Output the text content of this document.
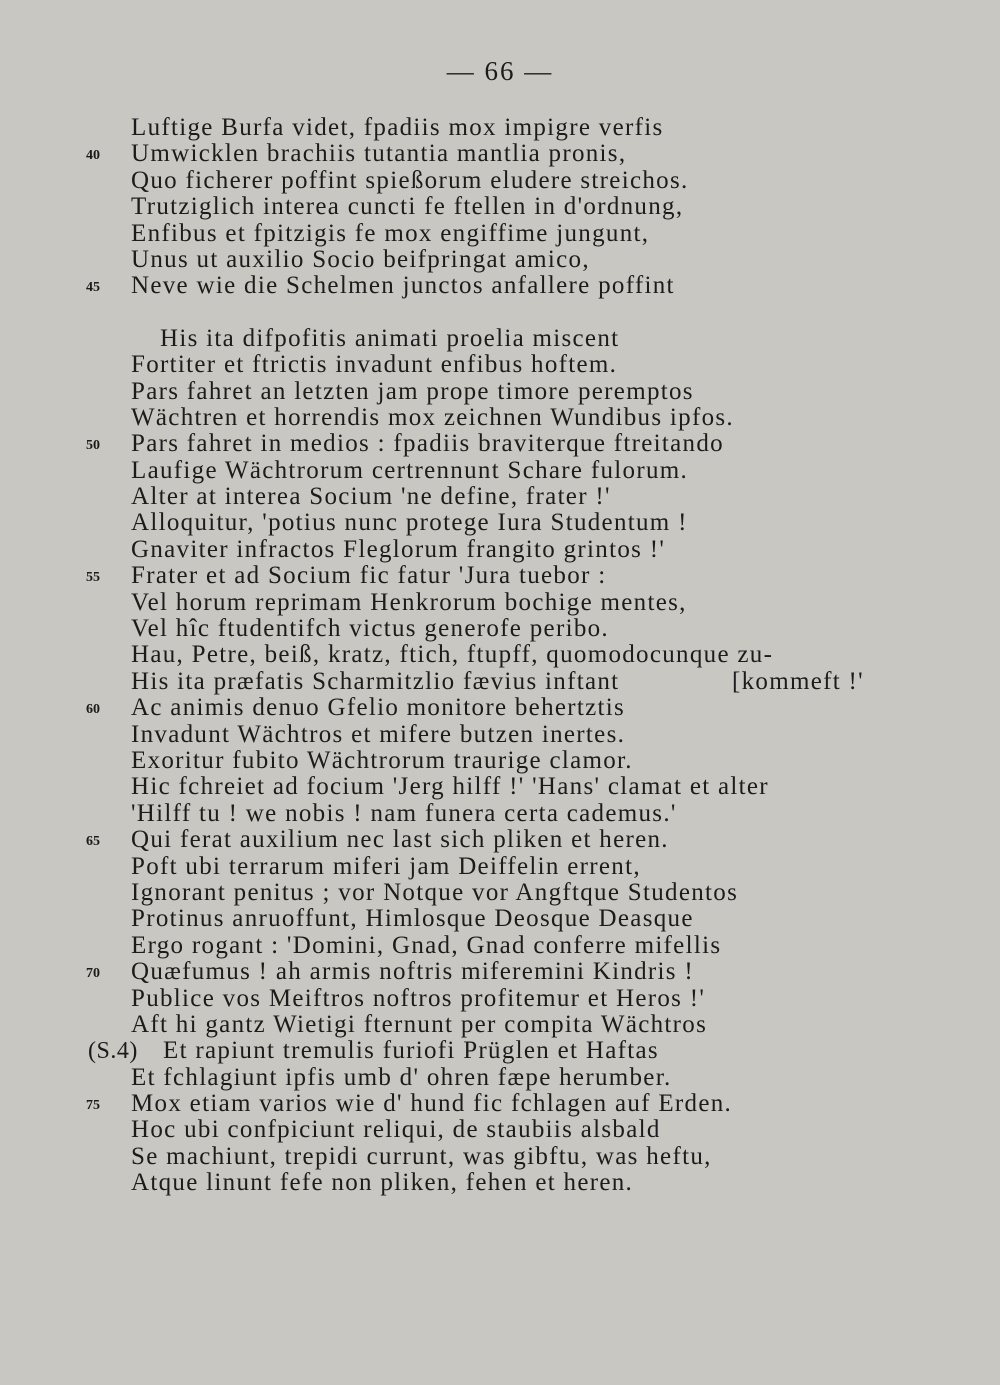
— 66 —
Luftige Burfa videt, fpadiis mox impigre verfis
40 Umwicklen brachiis tutantia mantlia pronis,
Quo ficherer poffint spießorum eludere streichos.
Trutziglich interea cuncti fe ftellen in d'ordnung,
Enfibus et fpitzigis fe mox engiffime jungunt,
Unus ut auxilio Socio beifpringat amico,
45 Neve wie die Schelmen junctos anfallere poffint
His ita difpofitis animati proelia miscent
Fortiter et ftrictis invadunt enfibus hoftem.
Pars fahret an letzten jam prope timore peremptos
Wächtren et horrendis mox zeichnen Wundibus ipfos.
50 Pars fahret in medios : fpadiis braviterque ftreitando
Laufige Wächtrorum certrennunt Schare fulorum.
Alter at interea Socium 'ne define, frater !'
Alloquitur, 'potius nunc protege Iura Studentum !
Gnaviter infractos Fleglorum frangito grintos !'
55 Frater et ad Socium fic fatur 'Jura tuebor :
Vel horum reprimam Henkrorum bochige mentes,
Vel hîc ftudentifch victus generofe peribo.
Hau, Petre, beiß, kratz, ftich, ftupff, quomodocunque zu-
His ita præfatis Scharmitzlio fævius inftant	[kommeft !'
60 Ac animis denuo Gfelio monitore behertztis
Invadunt Wächtros et mifere butzen inertes.
Exoritur fubito Wächtrorum traurige clamor.
Hic fchreiet ad focium 'Jerg hilff !' 'Hans' clamat et alter
'Hilff tu ! we nobis ! nam funera certa cademus.'
65 Qui ferat auxilium nec last sich pliken et heren.
Poft ubi terrarum miferi jam Deiffelin errent,
Ignorant penitus ; vor Notque vor Angftque Studentos
Protinus anruoffunt, Himlosque Deosque Deasque
Ergo rogant : 'Domini, Gnad, Gnad conferre mifellis
70 Quæfumus ! ah armis noftris miferemini Kindris !
Publice vos Meiftros noftros profitemur et Heros !'
Aft hi gantz Wietigi fternunt per compita Wächtros
(S.4) Et rapiunt tremulis furiofi Prüglen et Haftas
Et fchlagiunt ipfis umb d' ohren fæpe herumber.
75 Mox etiam varios wie d' hund fic fchlagen auf Erden.
Hoc ubi confpiciunt reliqui, de staubiis alsbald
Se machiunt, trepidi currunt, was gibftu, was heftu,
Atque linunt fefe non pliken, fehen et heren.
